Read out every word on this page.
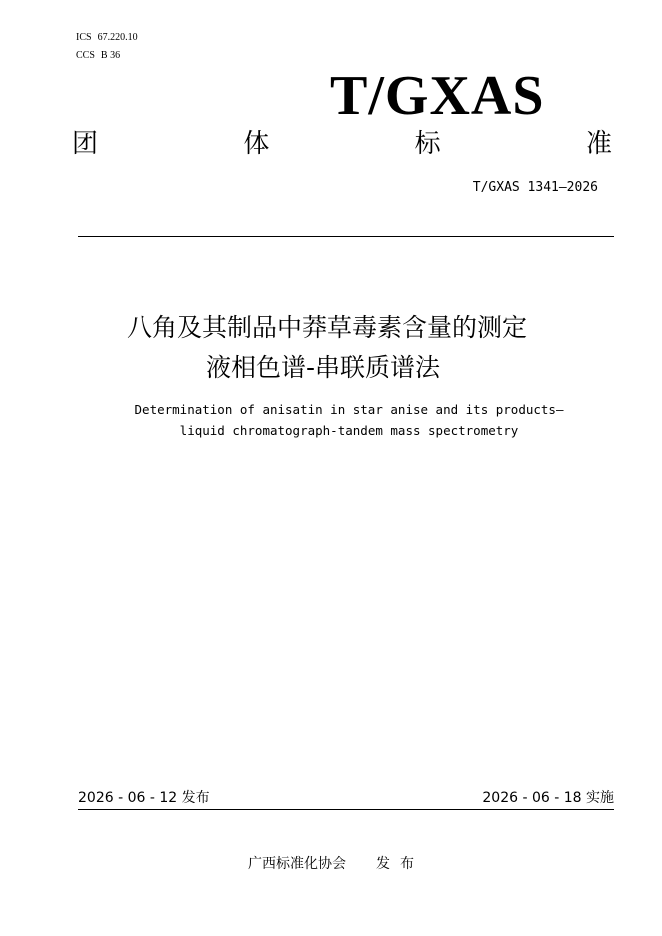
ICS 67.220.10
CCS B 36
T/GXAS
团	体	标	准
T/GXAS 1341—2026
八角及其制品中莽草毒素含量的测定
液相色谱-串联质谱法
Determination of anisatin in star anise and its products—
liquid chromatograph-tandem mass spectrometry
2026 - 06 - 12 发布	2026 - 06 - 18 实施
广西标准化协会 发布
